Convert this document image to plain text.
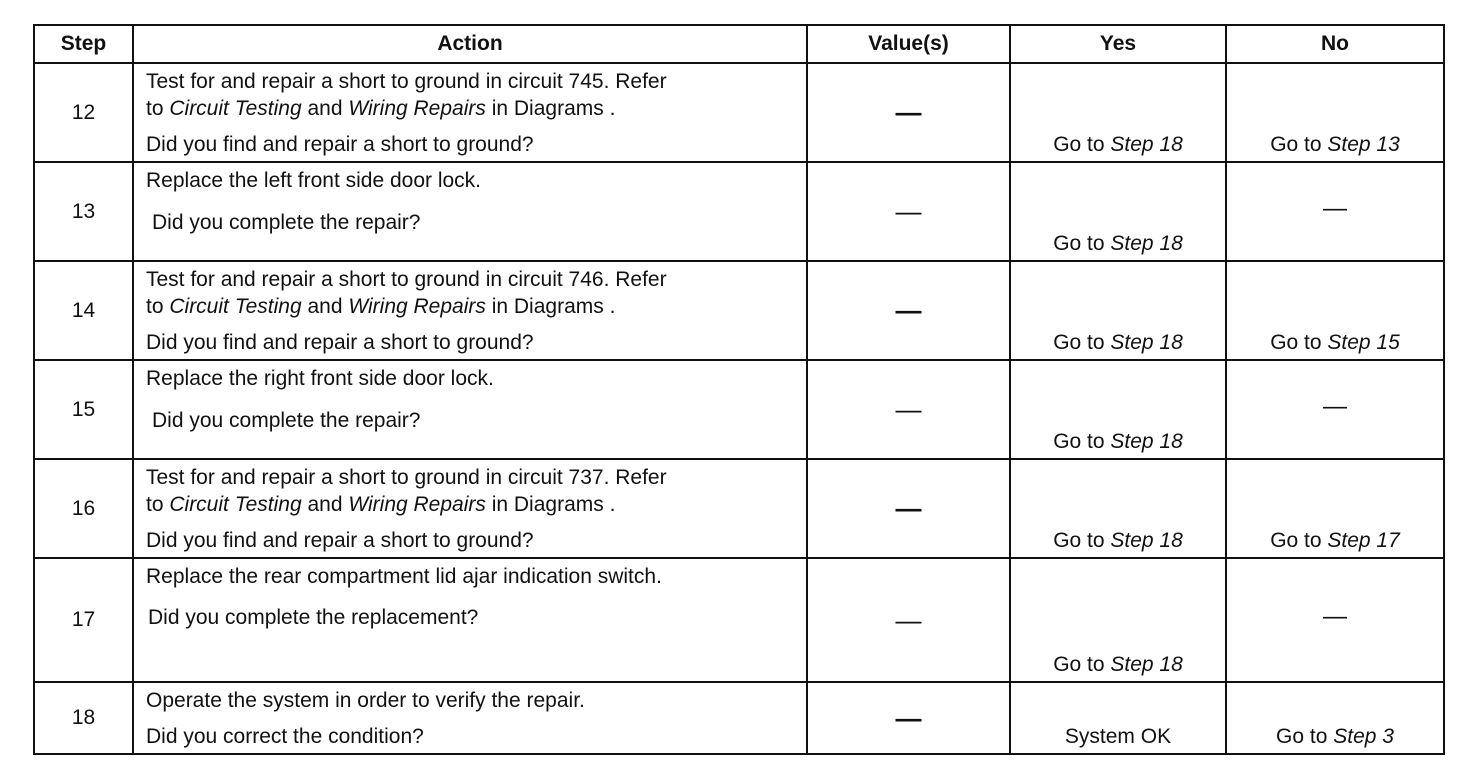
Step	Action	Value(s)	Yes	No
12	Test for and repair a short to ground in circuit 745. Refer
to Circuit Testing and Wiring Repairs in Diagrams .
Did you find and repair a short to ground?	—	Go to Step 18	Go to Step 13

13	Replace the left front side door lock.
Did you complete the repair?	—	Go to Step 18	—

14	Test for and repair a short to ground in circuit 746. Refer
to Circuit Testing and Wiring Repairs in Diagrams .
Did you find and repair a short to ground?	—	Go to Step 18	Go to Step 15

15	Replace the right front side door lock.
Did you complete the repair?	—	Go to Step 18	—

16	Test for and repair a short to ground in circuit 737. Refer
to Circuit Testing and Wiring Repairs in Diagrams .
Did you find and repair a short to ground?	—	Go to Step 18	Go to Step 17

17	Replace the rear compartment lid ajar indication switch.
Did you complete the replacement?	—	Go to Step 18	—

18	Operate the system in order to verify the repair.
Did you correct the condition?	—	System OK	Go to Step 3
